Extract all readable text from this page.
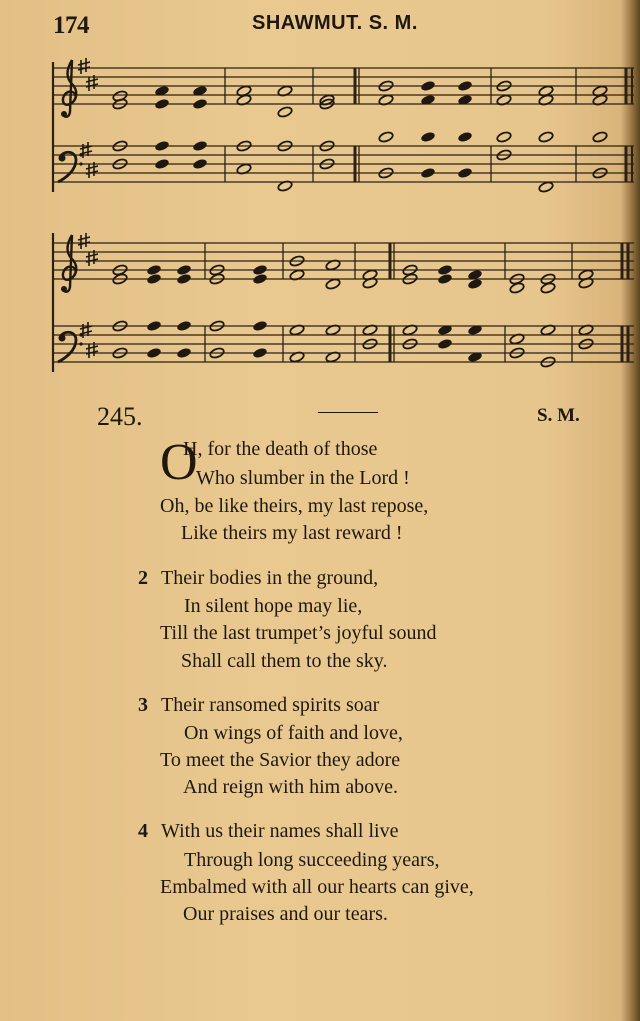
174	SHAWMUT. S. M.
245.	———	S. M.
O
H, for the death of those
Who slumber in the Lord !
Oh, be like theirs, my last repose,
Like theirs my last reward !
2 Their bodies in the ground,
In silent hope may lie,
Till the last trumpet’s joyful sound
Shall call them to the sky.
3 Their ransomed spirits soar
On wings of faith and love,
To meet the Savior they adore
And reign with him above.
4 With us their names shall live
Through long succeeding years,
Embalmed with all our hearts can give,
Our praises and our tears.
